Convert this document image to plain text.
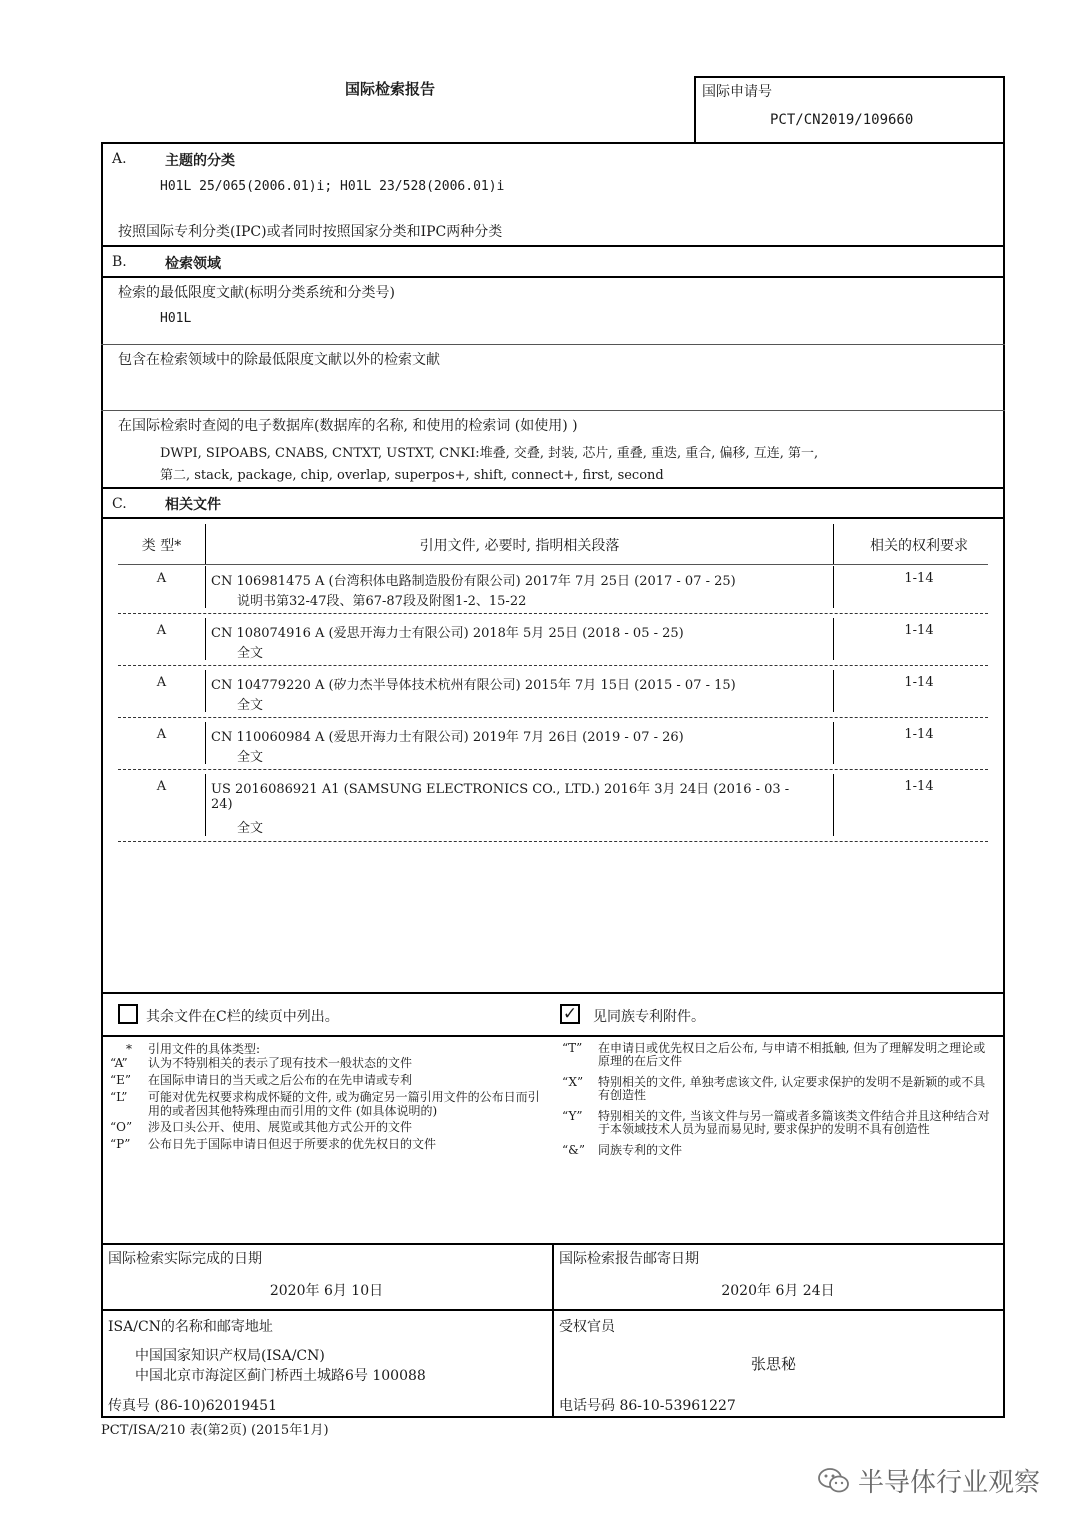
国际检索报告	国际申请号
PCT/CN2019/109660
A.	主题的分类
H01L 25/065(2006.01)i; H01L 23/528(2006.01)i
按照国际专利分类(IPC)或者同时按照国家分类和IPC两种分类
B.	检索领域
检索的最低限度文献(标明分类系统和分类号)
H01L
包含在检索领域中的除最低限度文献以外的检索文献
在国际检索时查阅的电子数据库(数据库的名称, 和使用的检索词 (如使用) )
DWPI, SIPOABS, CNABS, CNTXT, USTXT, CNKI:堆叠, 交叠, 封装, 芯片, 重叠, 重迭, 重合, 偏移, 互连, 第一,
第二, stack, package, chip, overlap, superpos+, shift, connect+, first, second
C.	相关文件
类 型*	引用文件, 必要时, 指明相关段落	相关的权利要求
A	CN 106981475 A (台湾积体电路制造股份有限公司) 2017年 7月 25日 (2017 - 07 - 25)
说明书第32-47段、第67-87段及附图1-2、15-22
1-14
A	CN 108074916 A (爱思开海力士有限公司) 2018年 5月 25日 (2018 - 05 - 25)
全文
1-14
A	CN 104779220 A (矽力杰半导体技术杭州有限公司) 2015年 7月 15日 (2015 - 07 - 15)
全文
1-14
A	CN 110060984 A (爱思开海力士有限公司) 2019年 7月 26日 (2019 - 07 - 26)
全文
1-14
A	US 2016086921 A1 (SAMSUNG ELECTRONICS CO., LTD.) 2016年 3月 24日 (2016 - 03 -
24)
全文
1-14
其余文件在C栏的续页中列出。	✓ 见同族专利附件。
*	引用文件的具体类型:
“A”	认为不特别相关的表示了现有技术一般状态的文件
“E”	在国际申请日的当天或之后公布的在先申请或专利
“L”	可能对优先权要求构成怀疑的文件, 或为确定另一篇引用文件的公布日而引用的或者因其他特殊理由而引用的文件 (如具体说明的)
“O”	涉及口头公开、使用、展览或其他方式公开的文件
“P”	公布日先于国际申请日但迟于所要求的优先权日的文件
“T”	在申请日或优先权日之后公布, 与申请不相抵触, 但为了理解发明之理论或原理的在后文件
“X”	特别相关的文件, 单独考虑该文件, 认定要求保护的发明不是新颖的或不具有创造性
“Y”	特别相关的文件, 当该文件与另一篇或者多篇该类文件结合并且这种结合对于本领域技术人员为显而易见时, 要求保护的发明不具有创造性
“&”	同族专利的文件
国际检索实际完成的日期
2020年 6月 10日
国际检索报告邮寄日期
2020年 6月 24日
ISA/CN的名称和邮寄地址
中国国家知识产权局(ISA/CN)
中国北京市海淀区蓟门桥西土城路6号 100088
传真号 (86-10)62019451
受权官员
张思秘
电话号码 86-10-53961227
PCT/ISA/210 表(第2页) (2015年1月)
半导体行业观察
